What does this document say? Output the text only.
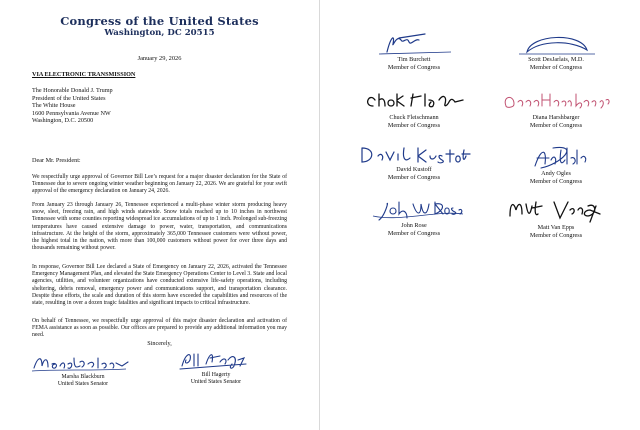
Congress of the United States
Washington, DC 20515
January 29, 2026
VIA ELECTRONIC TRANSMISSION
The Honorable Donald J. Trump
President of the United States
The White House
1600 Pennsylvania Avenue NW
Washington, D.C. 20500
Dear Mr. President:

We respectfully urge approval of Governor Bill Lee’s request for a major disaster declaration for the State of Tennessee due to severe ongoing winter weather beginning on January 22, 2026. We are grateful for your swift approval of the emergency declaration on January 24, 2026.

From January 23 through January 26, Tennessee experienced a multi-phase winter storm producing heavy snow, sleet, freezing rain, and high winds statewide. Snow totals reached up to 10 inches in northwest Tennessee with some counties reporting widespread ice accumulations of up to 1 inch. Prolonged sub-freezing temperatures have caused extensive damage to power, water, transportation, and communications infrastructure. At the height of the storm, approximately 365,000 Tennessee customers were without power, the highest total in the nation, with more than 100,000 customers without power for over three days and thousands remaining without power.

In response, Governor Bill Lee declared a State of Emergency on January 22, 2026, activated the Tennessee Emergency Management Plan, and elevated the State Emergency Operations Center to Level 3. State and local agencies, utilities, and volunteer organizations have conducted extensive life-safety operations, including sheltering, debris removal, emergency power and communications support, and transportation clearance. Despite these efforts, the scale and duration of this storm have exceeded the capabilities and resources of the state, resulting in over a dozen tragic fatalities and significant impacts to critical infrastructure.

On behalf of Tennessee, we respectfully urge approval of this major disaster declaration and activation of FEMA assistance as soon as possible. Our offices are prepared to provide any additional information you may need.

Sincerely,
Marsha Blackburn
United States Senator
Bill Hagerty
United States Senator
Tim Burchett
Member of Congress
Scott DesJarlais, M.D.
Member of Congress
Chuck Fleischmann
Member of Congress
Diana Harshbarger
Member of Congress
David Kustoff
Member of Congress
Andy Ogles
Member of Congress
John Rose
Member of Congress
Matt Van Epps
Member of Congress
